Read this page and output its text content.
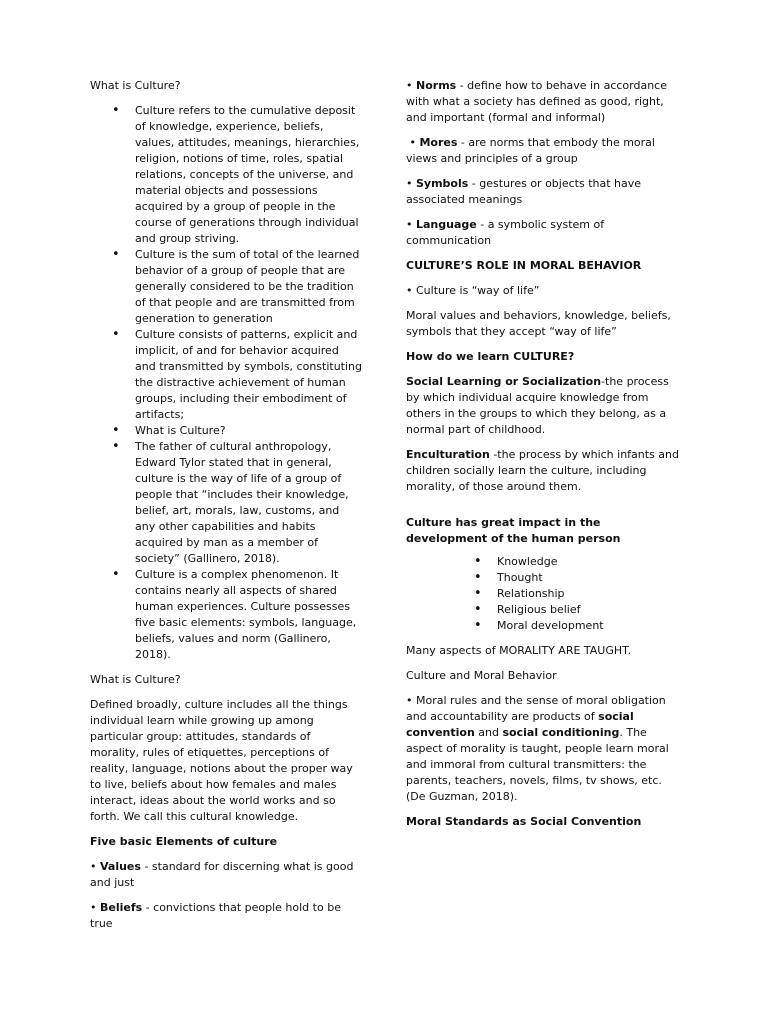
What is Culture?

• Culture refers to the cumulative deposit of knowledge, experience, beliefs, values, attitudes, meanings, hierarchies, religion, notions of time, roles, spatial relations, concepts of the universe, and material objects and possessions acquired by a group of people in the course of generations through individual and group striving.
• Culture is the sum of total of the learned behavior of a group of people that are generally considered to be the tradition of that people and are transmitted from generation to generation
• Culture consists of patterns, explicit and implicit, of and for behavior acquired and transmitted by symbols, constituting the distractive achievement of human groups, including their embodiment of artifacts;
• What is Culture?
• The father of cultural anthropology, Edward Tylor stated that in general, culture is the way of life of a group of people that “includes their knowledge, belief, art, morals, law, customs, and any other capabilities and habits acquired by man as a member of society” (Gallinero, 2018).
• Culture is a complex phenomenon. It contains nearly all aspects of shared human experiences. Culture possesses five basic elements: symbols, language, beliefs, values and norm (Gallinero, 2018).

What is Culture?

Defined broadly, culture includes all the things individual learn while growing up among particular group: attitudes, standards of morality, rules of etiquettes, perceptions of reality, language, notions about the proper way to live, beliefs about how females and males interact, ideas about the world works and so forth. We call this cultural knowledge.

Five basic Elements of culture

• Values - standard for discerning what is good and just

• Beliefs - convictions that people hold to be true

• Norms - define how to behave in accordance with what a society has defined as good, right, and important (formal and informal)

• Mores - are norms that embody the moral views and principles of a group

• Symbols - gestures or objects that have associated meanings

• Language - a symbolic system of communication

CULTURE’S ROLE IN MORAL BEHAVIOR

• Culture is “way of life”

Moral values and behaviors, knowledge, beliefs, symbols that they accept “way of life”

How do we learn CULTURE?

Social Learning or Socialization-the process by which individual acquire knowledge from others in the groups to which they belong, as a normal part of childhood.

Enculturation -the process by which infants and children socially learn the culture, including morality, of those around them.

Culture has great impact in the development of the human person

• Knowledge
• Thought
• Relationship
• Religious belief
• Moral development

Many aspects of MORALITY ARE TAUGHT.

Culture and Moral Behavior

• Moral rules and the sense of moral obligation and accountability are products of social convention and social conditioning. The aspect of morality is taught, people learn moral and immoral from cultural transmitters: the parents, teachers, novels, films, tv shows, etc. (De Guzman, 2018).

Moral Standards as Social Convention
